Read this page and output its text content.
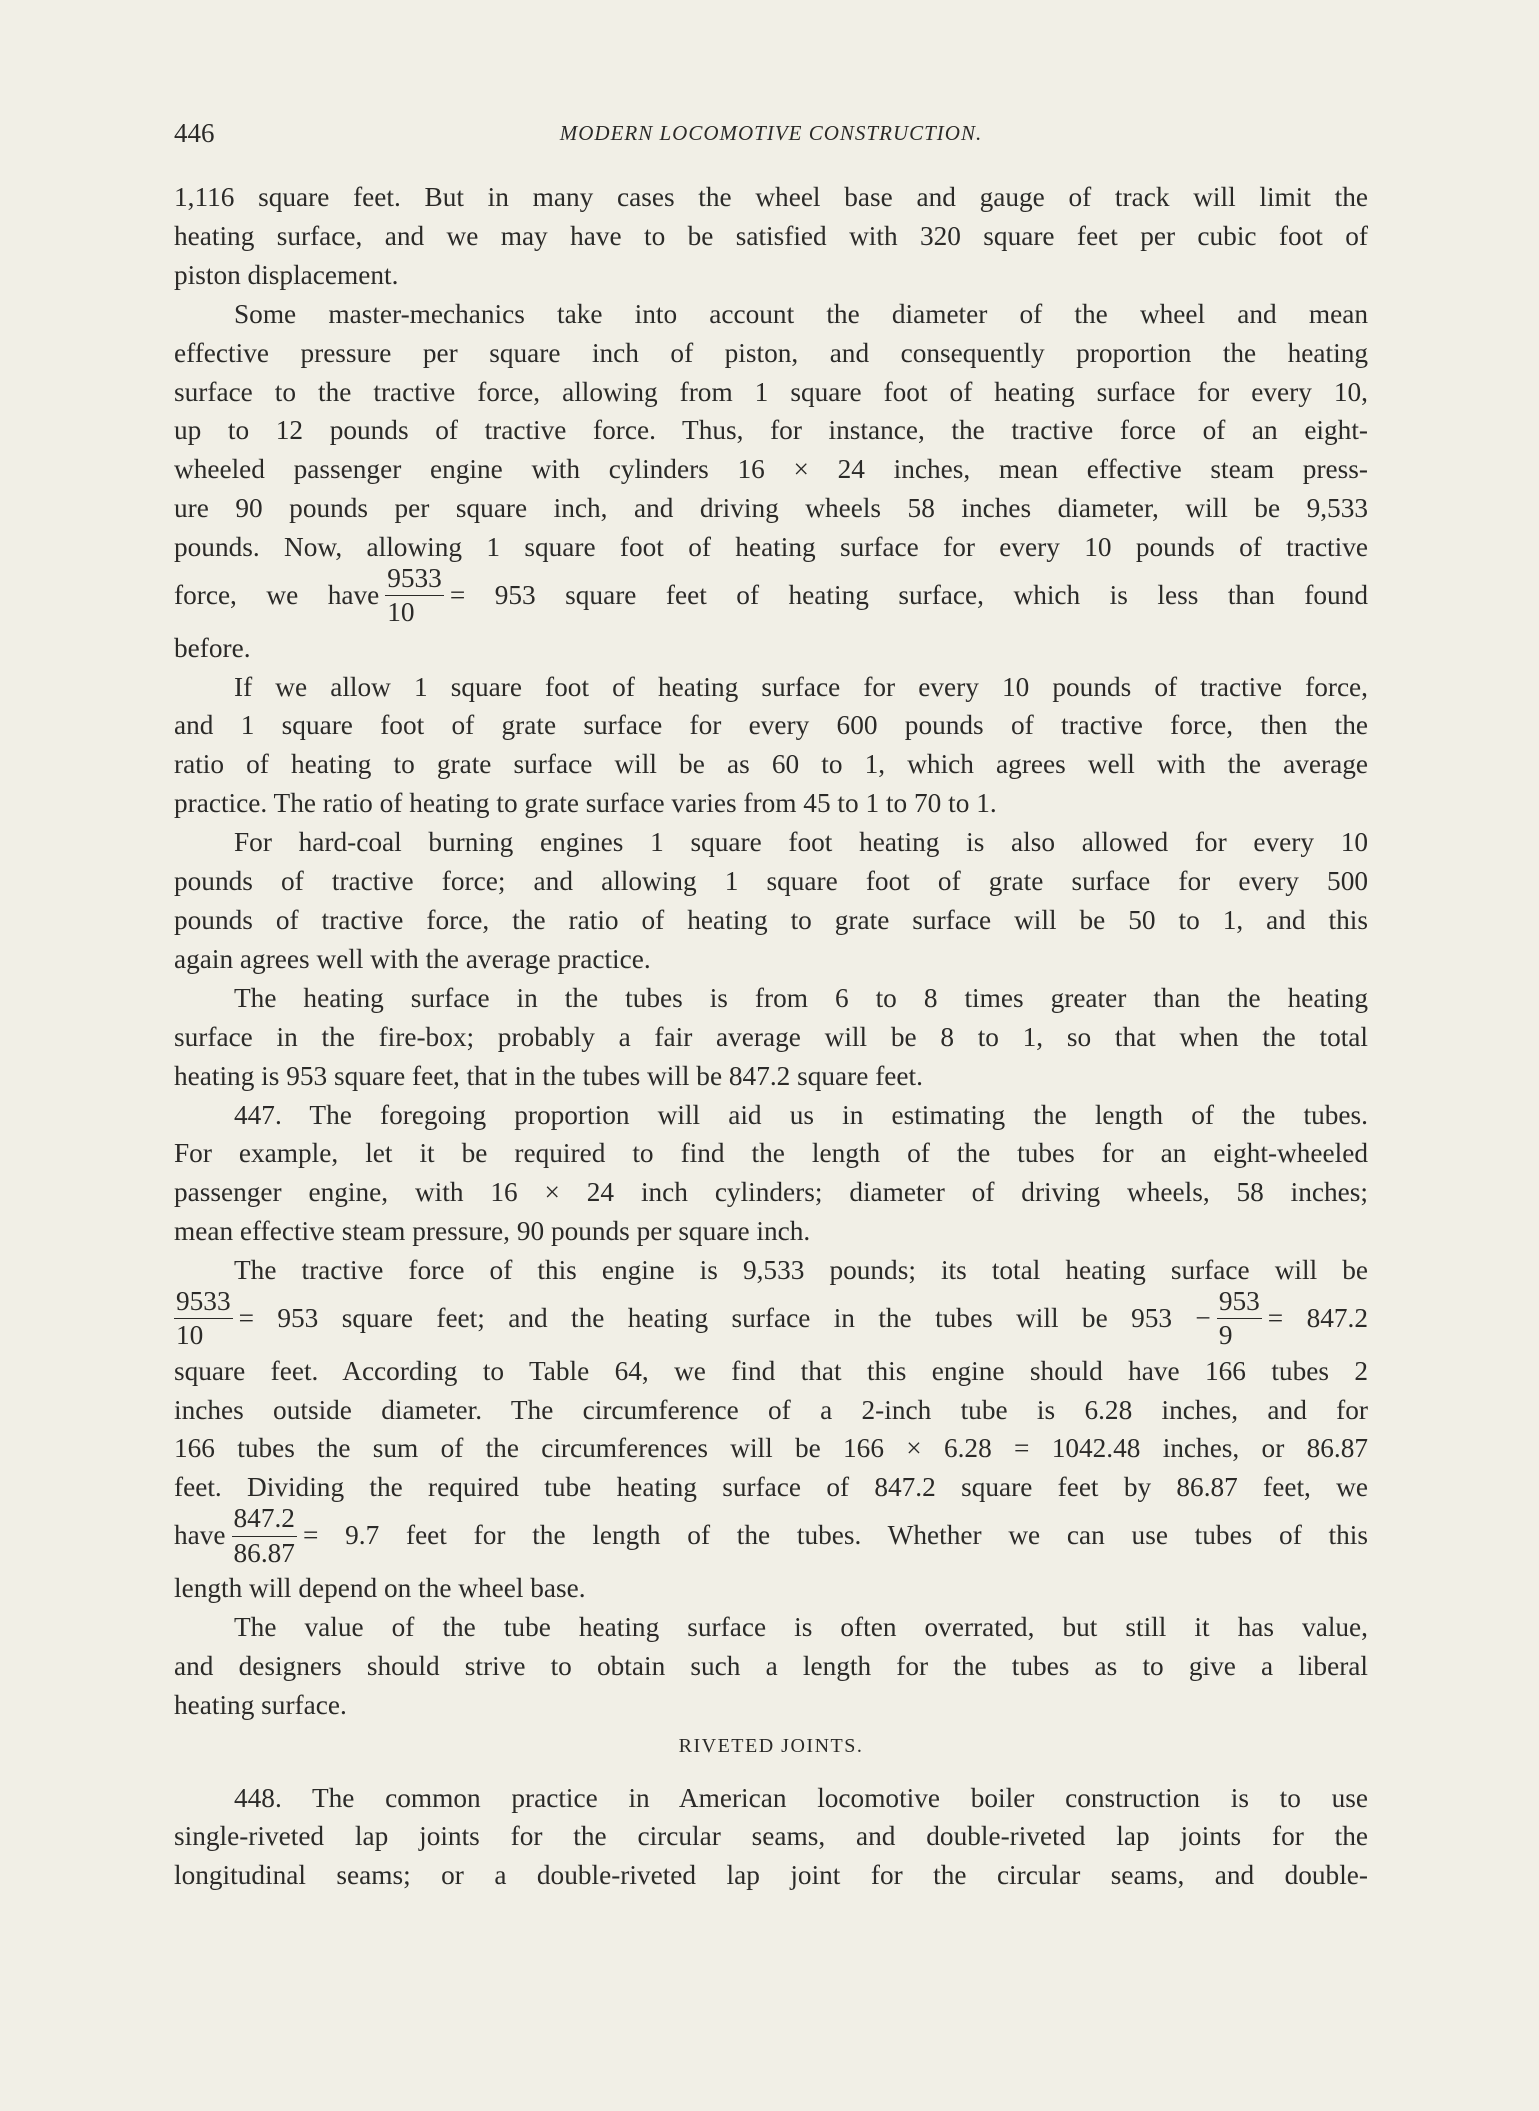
446	MODERN LOCOMOTIVE CONSTRUCTION.

1,116 square feet. But in many cases the wheel base and gauge of track will limit the

heating surface, and we may have to be satisfied with 320 square feet per cubic foot of

piston displacement.

Some master-mechanics take into account the diameter of the wheel and mean

effective pressure per square inch of piston, and consequently proportion the heating

surface to the tractive force, allowing from 1 square foot of heating surface for every 10,

up to 12 pounds of tractive force. Thus, for instance, the tractive force of an eight-

wheeled passenger engine with cylinders 16 × 24 inches, mean effective steam press-

ure 90 pounds per square inch, and driving wheels 58 inches diameter, will be 9,533

pounds. Now, allowing 1 square foot of heating surface for every 10 pounds of tractive

force, we have $\frac{9533}{10} = 953$ square feet of heating surface, which is less than found

before.

If we allow 1 square foot of heating surface for every 10 pounds of tractive force,

and 1 square foot of grate surface for every 600 pounds of tractive force, then the

ratio of heating to grate surface will be as 60 to 1, which agrees well with the average

practice. The ratio of heating to grate surface varies from 45 to 1 to 70 to 1.

For hard-coal burning engines 1 square foot heating is also allowed for every 10

pounds of tractive force; and allowing 1 square foot of grate surface for every 500

pounds of tractive force, the ratio of heating to grate surface will be 50 to 1, and this

again agrees well with the average practice.

The heating surface in the tubes is from 6 to 8 times greater than the heating

surface in the fire-box; probably a fair average will be 8 to 1, so that when the total

heating is 953 square feet, that in the tubes will be 847.2 square feet.

447. The foregoing proportion will aid us in estimating the length of the tubes.

For example, let it be required to find the length of the tubes for an eight-wheeled

passenger engine, with 16 × 24 inch cylinders; diameter of driving wheels, 58 inches;

mean effective steam pressure, 90 pounds per square inch.

The tractive force of this engine is 9,533 pounds; its total heating surface will be

$\frac{9533}{10} = 953$ square feet; and the heating surface in the tubes will be $953 - \frac{953}{9} = 847.2$

square feet. According to Table 64, we find that this engine should have 166 tubes 2

inches outside diameter. The circumference of a 2-inch tube is 6.28 inches, and for

166 tubes the sum of the circumferences will be 166 × 6.28 = 1042.48 inches, or 86.87

feet. Dividing the required tube heating surface of 847.2 square feet by 86.87 feet, we

have $\frac{847.2}{86.87} = 9.7$ feet for the length of the tubes. Whether we can use tubes of this

length will depend on the wheel base.

The value of the tube heating surface is often overrated, but still it has value,

and designers should strive to obtain such a length for the tubes as to give a liberal

heating surface.

RIVETED JOINTS.

448. The common practice in American locomotive boiler construction is to use

single-riveted lap joints for the circular seams, and double-riveted lap joints for the

longitudinal seams; or a double-riveted lap joint for the circular seams, and double-
